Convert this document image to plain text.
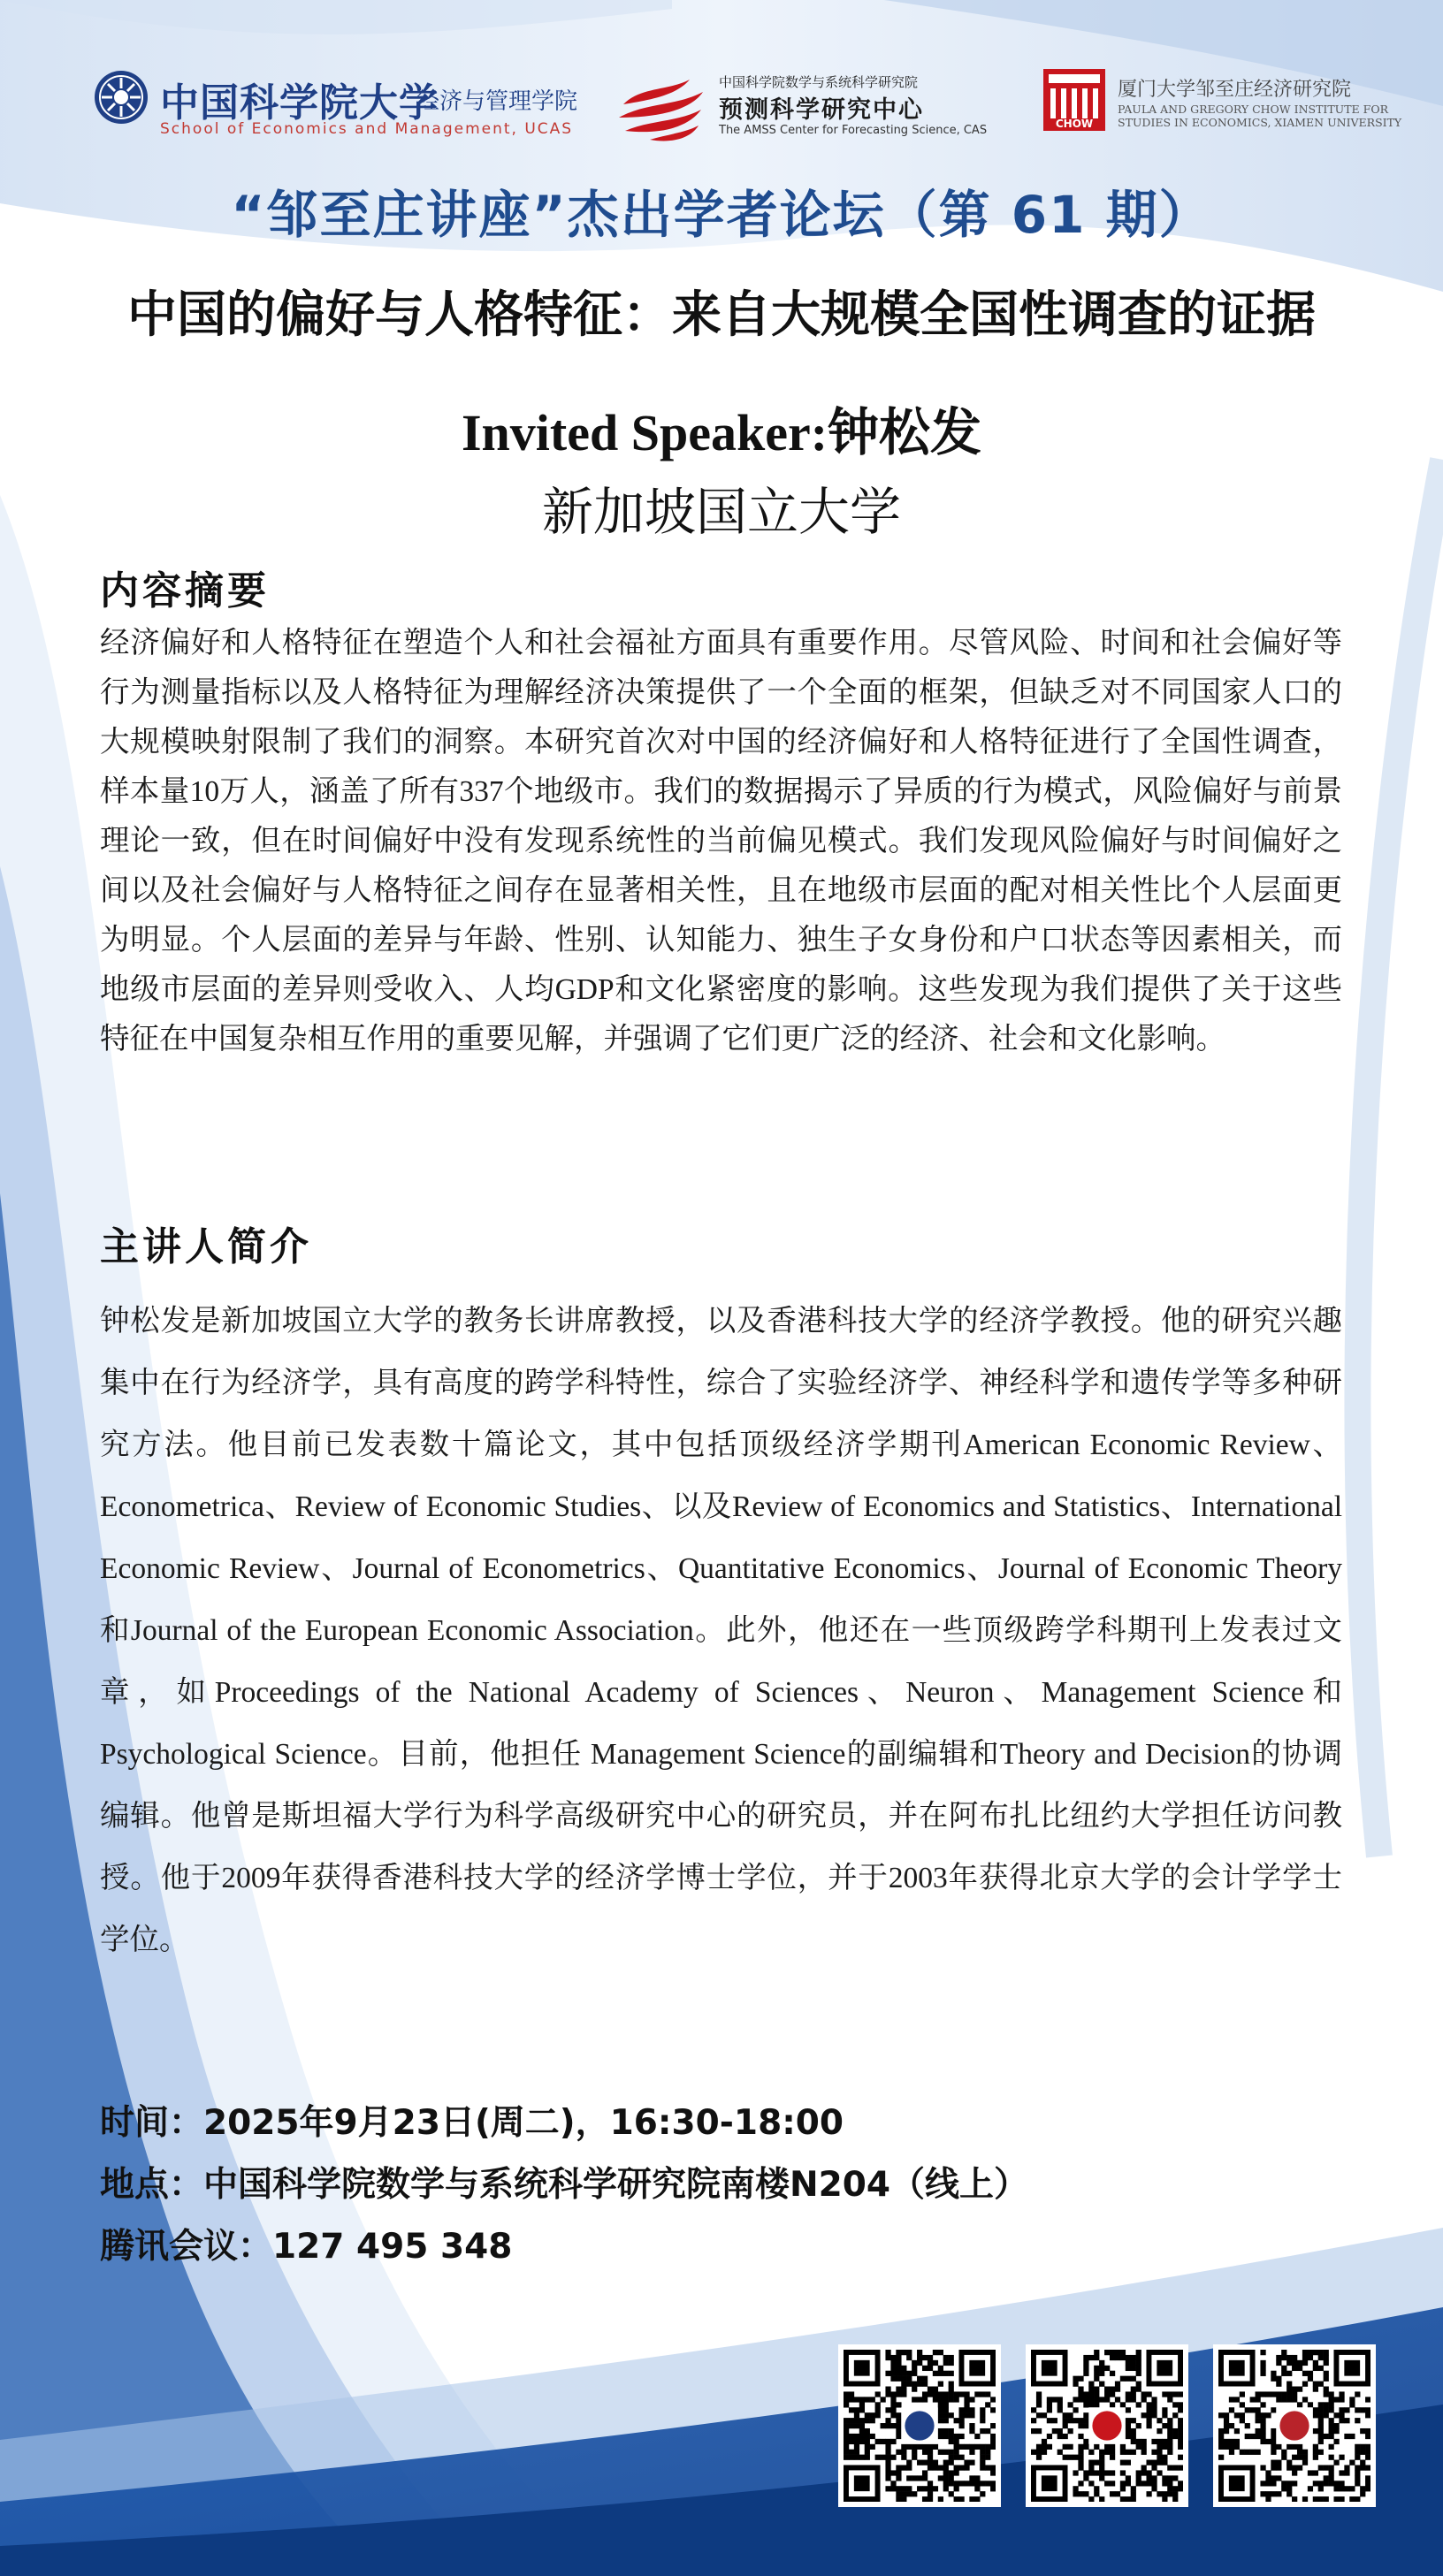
中国科学院大学
经济与管理学院
School of Economics and Management, UCAS
中国科学院数学与系统科学研究院
预测科学研究中心
The AMSS Center for Forecasting Science, CAS	CHOW
厦门大学邹至庄经济研究院
PAULA AND GREGORY CHOW INSTITUTE FOR
STUDIES IN ECONOMICS, XIAMEN UNIVERSITY
“邹至庄讲座”杰出学者论坛（第 61 期）
中国的偏好与人格特征：来自大规模全国性调查的证据
Invited Speaker:钟松发
新加坡国立大学
内容摘要
经济偏好和人格特征在塑造个人和社会福祉方面具有重要作用。尽管风险、时间和社会偏好等行为测量指标以及人格特征为理解经济决策提供了一个全面的框架，但缺乏对不同国家人口的大规模映射限制了我们的洞察。本研究首次对中国的经济偏好和人格特征进行了全国性调查，样本量10万人，涵盖了所有337个地级市。我们的数据揭示了异质的行为模式，风险偏好与前景理论一致，但在时间偏好中没有发现系统性的当前偏见模式。我们发现风险偏好与时间偏好之间以及社会偏好与人格特征之间存在显著相关性，且在地级市层面的配对相关性比个人层面更为明显。个人层面的差异与年龄、性别、认知能力、独生子女身份和户口状态等因素相关，而地级市层面的差异则受收入、人均GDP和文化紧密度的影响。这些发现为我们提供了关于这些特征在中国复杂相互作用的重要见解，并强调了它们更广泛的经济、社会和文化影响。
主讲人简介
钟松发是新加坡国立大学的教务长讲席教授，以及香港科技大学的经济学教授。他的研究兴趣集中在行为经济学，具有高度的跨学科特性，综合了实验经济学、神经科学和遗传学等多种研究方法。他目前已发表数十篇论文，其中包括顶级经济学期刊American Economic Review、Econometrica、Review of Economic Studies、以及Review of Economics and Statistics、International Economic Review、Journal of Econometrics、Quantitative Economics、Journal of Economic Theory和Journal of the European Economic Association。此外，他还在一些顶级跨学科期刊上发表过文章，如Proceedings of the National Academy of Sciences、Neuron、Management Science和Psychological Science。目前，他担任 Management Science的副编辑和Theory and Decision的协调编辑。他曾是斯坦福大学行为科学高级研究中心的研究员，并在阿布扎比纽约大学担任访问教授。他于2009年获得香港科技大学的经济学博士学位，并于2003年获得北京大学的会计学学士学位。
时间：2025年9月23日(周二)，16:30-18:00
地点：中国科学院数学与系统科学研究院南楼N204（线上）
腾讯会议：127 495 348
